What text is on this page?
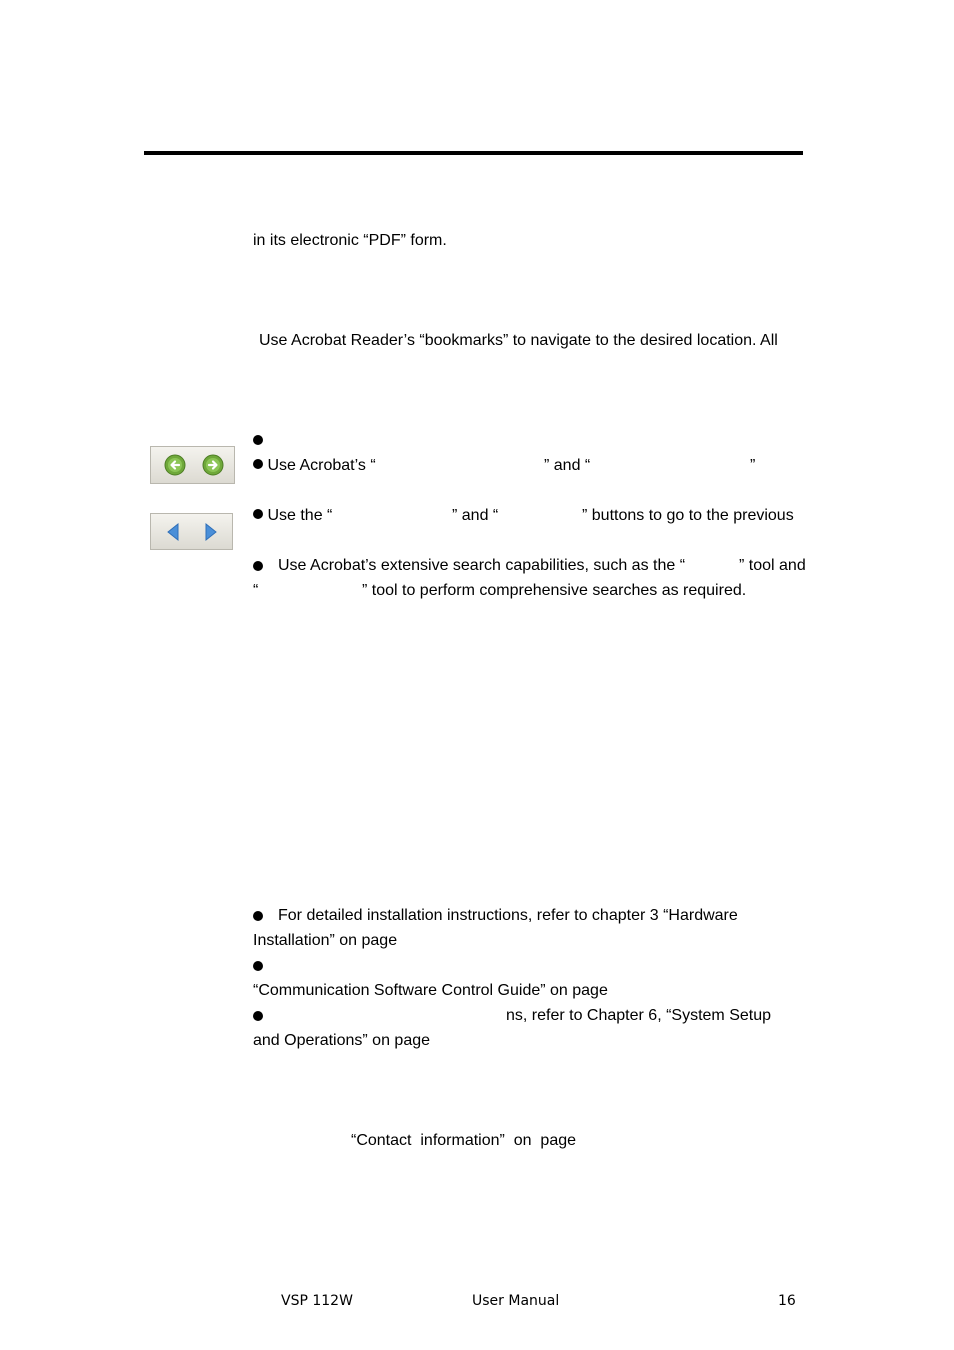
in its electronic “PDF” form.
Use Acrobat Reader’s “bookmarks” to navigate to the desired location. All
Use Acrobat’s “	” and “	”
Use the “	” and “	” buttons to go to the previous
Use Acrobat’s extensive search capabilities, such as the “	” tool and
“	” tool to perform comprehensive searches as required.
For detailed installation instructions, refer to chapter 3 “Hardware
Installation” on page
“Communication Software Control Guide” on page
ns, refer to Chapter 6, “System Setup
and Operations” on page
“Contact  information”  on  page
VSP 112W	User Manual	16
